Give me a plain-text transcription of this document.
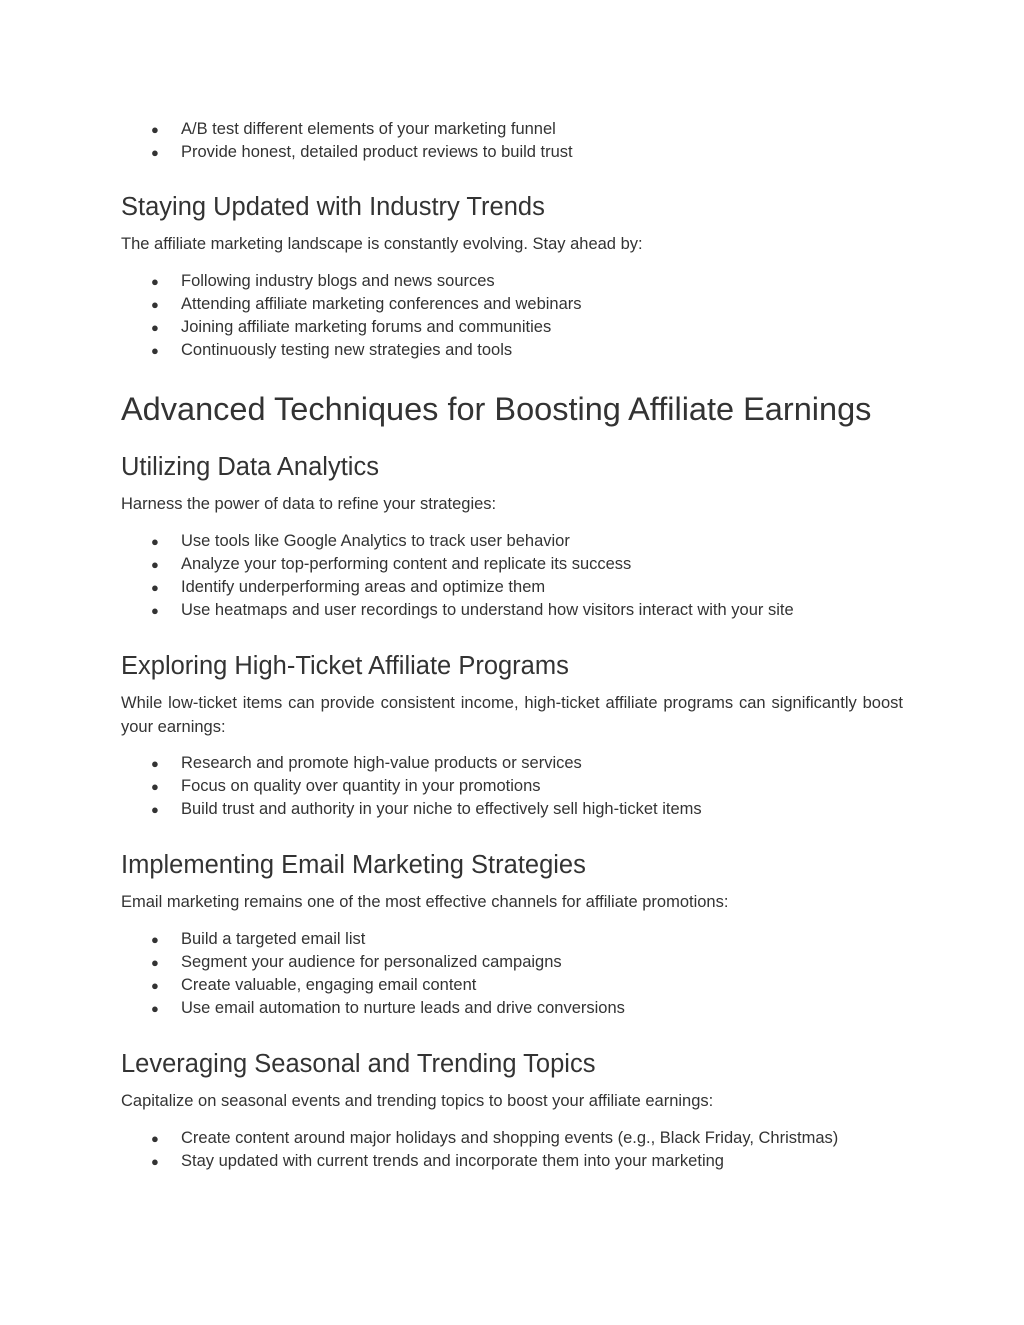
● A/B test different elements of your marketing funnel
● Provide honest, detailed product reviews to build trust
Staying Updated with Industry Trends

The affiliate marketing landscape is constantly evolving. Stay ahead by:

● Following industry blogs and news sources
● Attending affiliate marketing conferences and webinars
● Joining affiliate marketing forums and communities
● Continuously testing new strategies and tools
Advanced Techniques for Boosting Affiliate Earnings
Utilizing Data Analytics

Harness the power of data to refine your strategies:

● Use tools like Google Analytics to track user behavior
● Analyze your top-performing content and replicate its success
● Identify underperforming areas and optimize them
● Use heatmaps and user recordings to understand how visitors interact with your site
Exploring High-Ticket Affiliate Programs

While low-ticket items can provide consistent income, high-ticket affiliate programs can significantly boost your earnings:

● Research and promote high-value products or services
● Focus on quality over quantity in your promotions
● Build trust and authority in your niche to effectively sell high-ticket items
Implementing Email Marketing Strategies

Email marketing remains one of the most effective channels for affiliate promotions:

● Build a targeted email list
● Segment your audience for personalized campaigns
● Create valuable, engaging email content
● Use email automation to nurture leads and drive conversions
Leveraging Seasonal and Trending Topics

Capitalize on seasonal events and trending topics to boost your affiliate earnings:

● Create content around major holidays and shopping events (e.g., Black Friday, Christmas)
● Stay updated with current trends and incorporate them into your marketing
